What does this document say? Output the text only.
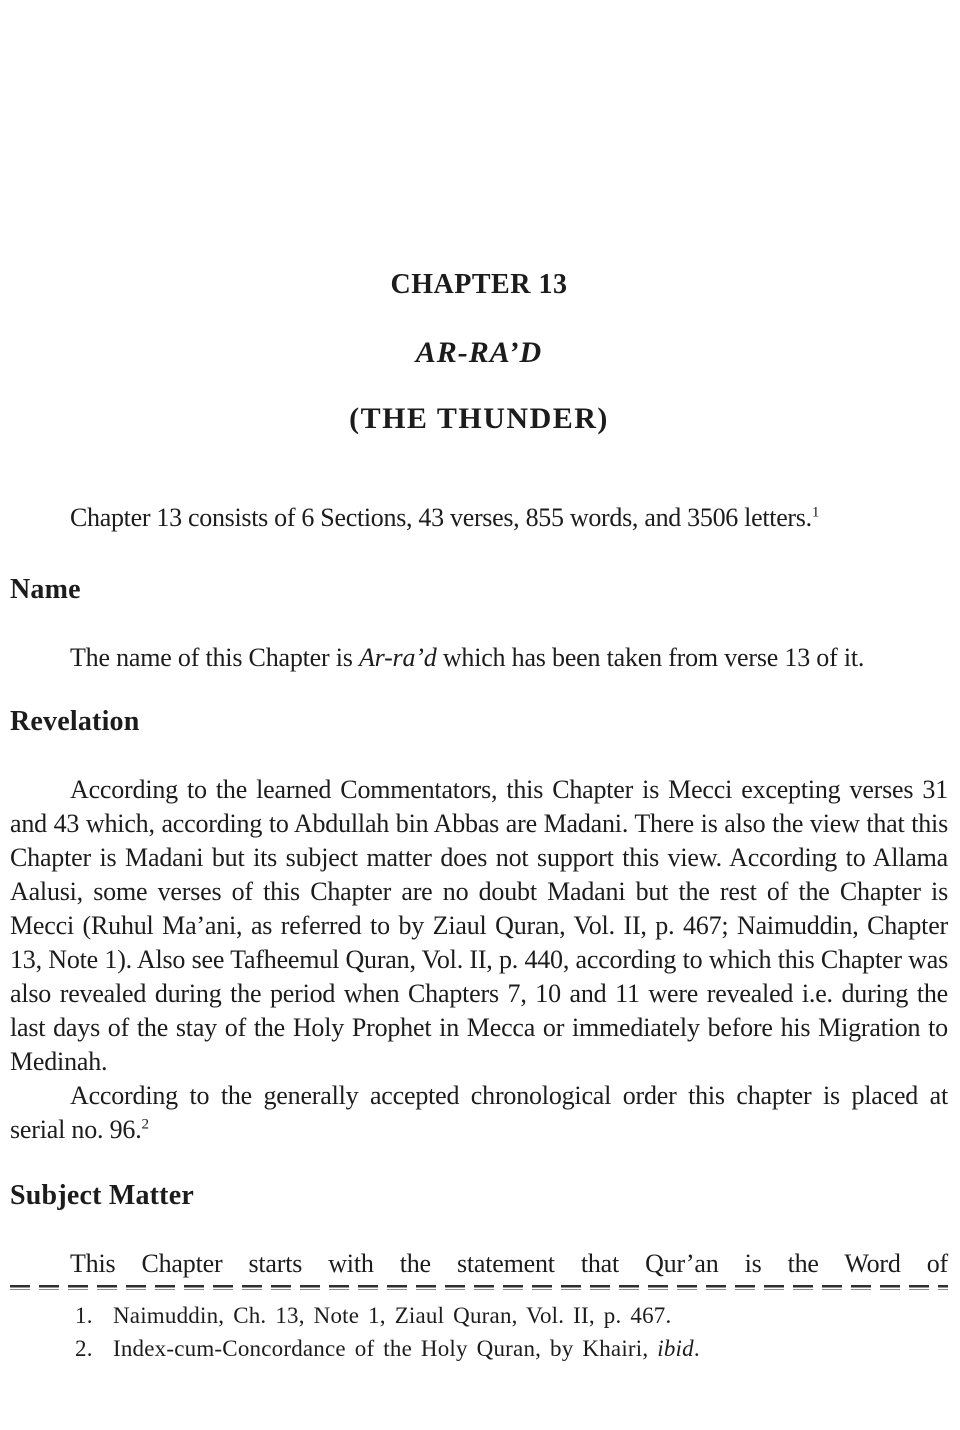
CHAPTER 13
AR-RA’D
(THE THUNDER)

Chapter 13 consists of 6 Sections, 43 verses, 855 words, and 3506 letters.$^1$

Name

The name of this Chapter is Ar-ra’d which has been taken from verse 13 of it.

Revelation

According to the learned Commentators, this Chapter is Mecci excepting verses 31 and 43 which, according to Abdullah bin Abbas are Madani. There is also the view that this Chapter is Madani but its subject matter does not support this view. According to Allama Aalusi, some verses of this Chapter are no doubt Madani but the rest of the Chapter is Mecci (Ruhul Ma’ani, as referred to by Ziaul Quran, Vol. II, p. 467; Naimuddin, Chapter 13, Note 1). Also see Tafheemul Quran, Vol. II, p. 440, according to which this Chapter was also revealed during the period when Chapters 7, 10 and 11 were revealed i.e. during the last days of the stay of the Holy Prophet in Mecca or immediately before his Migration to Medinah.

According to the generally accepted chronological order this chapter is placed at serial no. 96.$^2$

Subject Matter

This Chapter starts with the statement that Qur’an is the Word of

1. Naimuddin, Ch. 13, Note 1, Ziaul Quran, Vol. II, p. 467.
2. Index-cum-Concordance of the Holy Quran, by Khairi, ibid.
